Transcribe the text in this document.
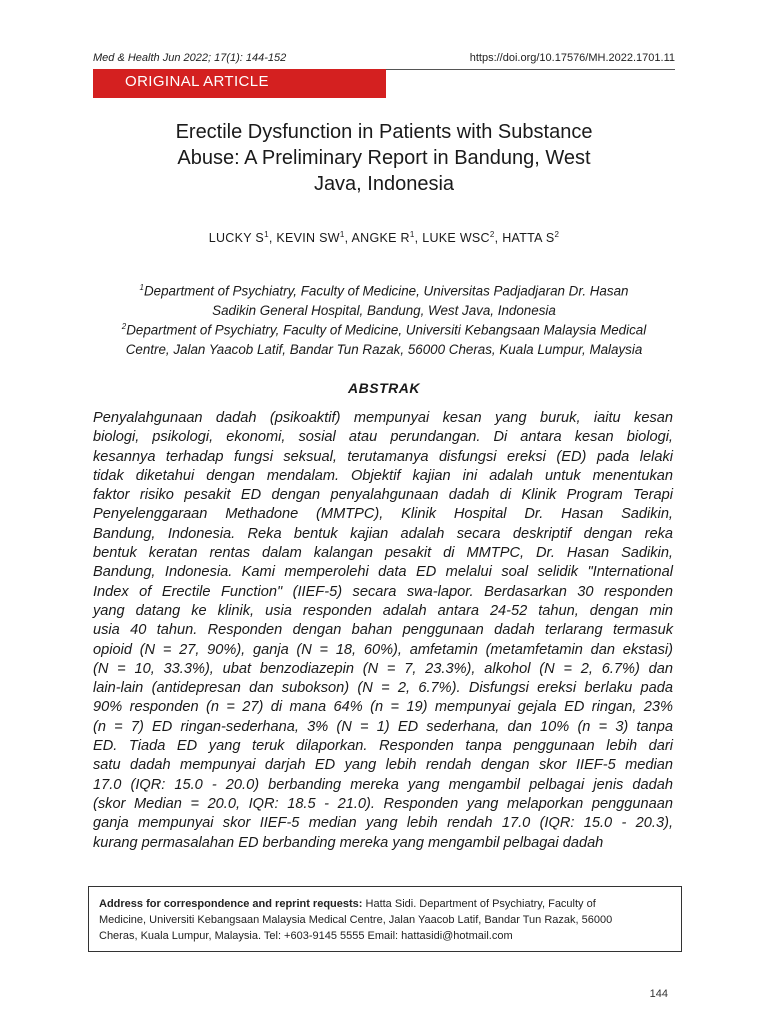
Med & Health Jun 2022; 17(1): 144-152	https://doi.org/10.17576/MH.2022.1701.11
ORIGINAL ARTICLE
Erectile Dysfunction in Patients with Substance
Abuse: A Preliminary Report in Bandung, West
Java, Indonesia
LUCKY $S^1$, KEVIN $SW^1$, ANGKE $R^1$, LUKE WSC$^2$, HATTA $S^2$
$^1$Department of Psychiatry, Faculty of Medicine, Universitas Padjadjaran Dr. Hasan
Sadikin General Hospital, Bandung, West Java, Indonesia
$^2$Department of Psychiatry, Faculty of Medicine, Universiti Kebangsaan Malaysia Medical
Centre, Jalan Yaacob Latif, Bandar Tun Razak, 56000 Cheras, Kuala Lumpur, Malaysia
ABSTRAK
Penyalahgunaan dadah (psikoaktif) mempunyai kesan yang buruk, iaitu kesan
biologi, psikologi, ekonomi, sosial atau perundangan. Di antara kesan biologi,
kesannya terhadap fungsi seksual, terutamanya disfungsi ereksi (ED) pada lelaki
tidak diketahui dengan mendalam. Objektif kajian ini adalah untuk menentukan
faktor risiko pesakit ED dengan penyalahgunaan dadah di Klinik Program Terapi
Penyelenggaraan Methadone (MMTPC), Klinik Hospital Dr. Hasan Sadikin,
Bandung, Indonesia. Reka bentuk kajian adalah secara deskriptif dengan reka
bentuk keratan rentas dalam kalangan pesakit di MMTPC, Dr. Hasan Sadikin,
Bandung, Indonesia. Kami memperolehi data ED melalui soal selidik "International
Index of Erectile Function" (IIEF-5) secara swa-lapor. Berdasarkan 30 responden
yang datang ke klinik, usia responden adalah antara 24-52 tahun, dengan min
usia 40 tahun. Responden dengan bahan penggunaan dadah terlarang termasuk
opioid (N = 27, 90%), ganja (N = 18, 60%), amfetamin (metamfetamin dan ekstasi)
(N = 10, 33.3%), ubat benzodiazepin (N = 7, 23.3%), alkohol (N = 2, 6.7%) dan
lain-lain (antidepresan dan subokson) (N = 2, 6.7%). Disfungsi ereksi berlaku pada
90% responden (n = 27) di mana 64% (n = 19) mempunyai gejala ED ringan, 23%
(n = 7) ED ringan-sederhana, 3% (N = 1) ED sederhana, dan 10% (n = 3) tanpa
ED. Tiada ED yang teruk dilaporkan. Responden tanpa penggunaan lebih dari
satu dadah mempunyai darjah ED yang lebih rendah dengan skor IIEF-5 median
17.0 (IQR: 15.0 - 20.0) berbanding mereka yang mengambil pelbagai jenis dadah
(skor Median = 20.0, IQR: 18.5 - 21.0). Responden yang melaporkan penggunaan
ganja mempunyai skor IIEF-5 median yang lebih rendah 17.0 (IQR: 15.0 - 20.3),
kurang permasalahan ED berbanding mereka yang mengambil pelbagai dadah
Address for correspondence and reprint requests: Hatta Sidi. Department of Psychiatry, Faculty of
Medicine, Universiti Kebangsaan Malaysia Medical Centre, Jalan Yaacob Latif, Bandar Tun Razak, 56000
Cheras, Kuala Lumpur, Malaysia. Tel: +603-9145 5555 Email: hattasidi@hotmail.com
144
